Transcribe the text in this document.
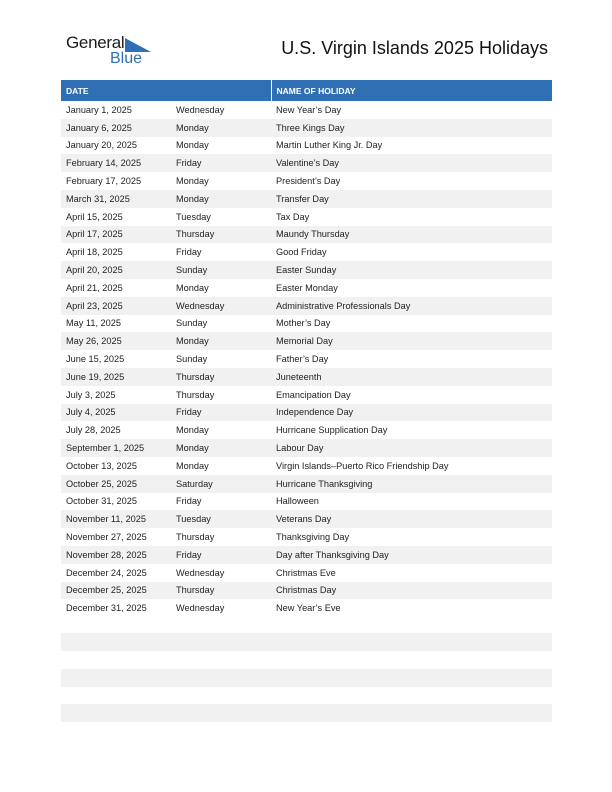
General
Blue
U.S. Virgin Islands 2025 Holidays
DATE		NAME OF HOLIDAY
January 1, 2025	Wednesday	New Year’s Day
January 6, 2025	Monday	Three Kings Day
January 20, 2025	Monday	Martin Luther King Jr. Day
February 14, 2025	Friday	Valentine’s Day
February 17, 2025	Monday	President’s Day
March 31, 2025	Monday	Transfer Day
April 15, 2025	Tuesday	Tax Day
April 17, 2025	Thursday	Maundy Thursday
April 18, 2025	Friday	Good Friday
April 20, 2025	Sunday	Easter Sunday
April 21, 2025	Monday	Easter Monday
April 23, 2025	Wednesday	Administrative Professionals Day
May 11, 2025	Sunday	Mother’s Day
May 26, 2025	Monday	Memorial Day
June 15, 2025	Sunday	Father’s Day
June 19, 2025	Thursday	Juneteenth
July 3, 2025	Thursday	Emancipation Day
July 4, 2025	Friday	Independence Day
July 28, 2025	Monday	Hurricane Supplication Day
September 1, 2025	Monday	Labour Day
October 13, 2025	Monday	Virgin Islands–Puerto Rico Friendship Day
October 25, 2025	Saturday	Hurricane Thanksgiving
October 31, 2025	Friday	Halloween
November 11, 2025	Tuesday	Veterans Day
November 27, 2025	Thursday	Thanksgiving Day
November 28, 2025	Friday	Day after Thanksgiving Day
December 24, 2025	Wednesday	Christmas Eve
December 25, 2025	Thursday	Christmas Day
December 31, 2025	Wednesday	New Year’s Eve
